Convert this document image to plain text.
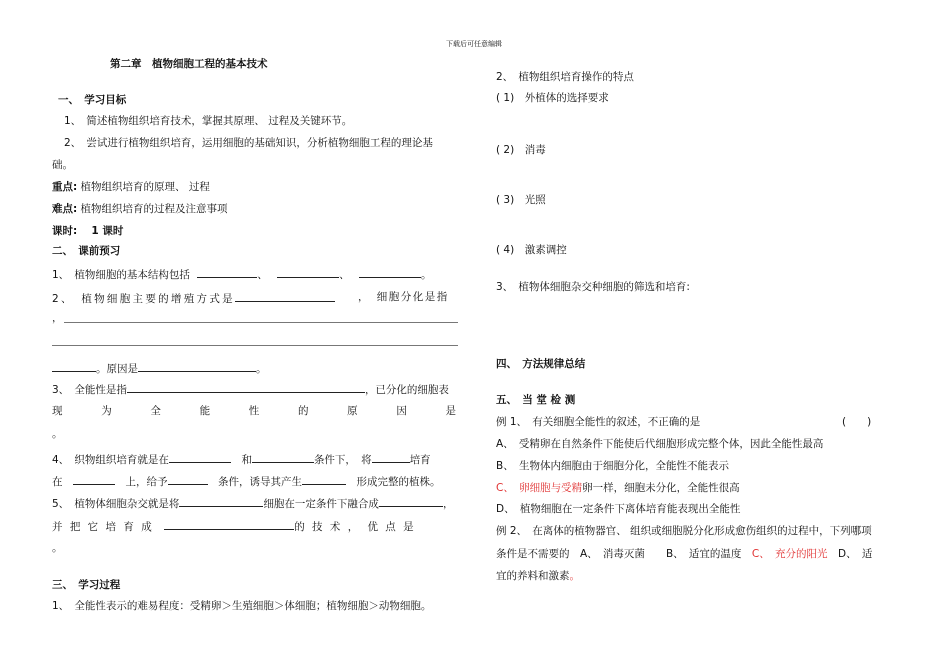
下载后可任意编辑
第二章　植物细胞工程的基本技术
一、　学习目标
1、　简述植物组织培育技术，掌握其原理、 过程及关键环节。
2、　尝试进行植物组织培育，运用细胞的基础知识，分析植物细胞工程的理论基
础。
重点: 植物组织培育的原理、 过程
难点: 植物组织培育的过程及注意事项
课时:　 1 课时
二、　课前预习
1、　植物细胞的基本结构包括	、	、	。
2、　植物细胞主要的增殖方式是	，　细胞分化是指
，
。原因是	。
3、　全能性是指	，已分化的细胞表
现	为	全	能	性	的	原	因	是
。
4、　织物组织培育就是在　	和	条件下，　将	培育
在　　	上，给予　	条件，诱导其产生　	形成完整的植株。
5、　植物体细胞杂交就是将	细胞在一定条件下融合成	，
并 把 它 培 育 成　	的 技 术 ，　优 点 是
。
三、　学习过程
1、　全能性表示的难易程度：受精卵＞生殖细胞＞体细胞；植物细胞＞动物细胞。
2、　植物组织培育操作的特点
( 1)　外植体的选择要求
( 2)　消毒
( 3)　光照
( 4)　激素调控
3、　植物体细胞杂交种细胞的筛选和培育:
四、　方法规律总结
五、　当 堂 检 测
例 1、　有关细胞全能性的叙述，不正确的是	(　　)
A、　受精卵在自然条件下能使后代细胞形成完整个体，因此全能性最高
B、　生物体内细胞由于细胞分化，全能性不能表示
C、　 卵细胞与受精卵一样，细胞未分化，全能性很高
D、　植物细胞在一定条件下离体培育能表现出全能性
例 2、　在离体的植物器官、 组织或细胞脱分化形成愈伤组织的过程中，下列哪项
条件是不需要的　A、　消毒灭菌　　 B、　适宜的温度　 C、　充分的阳光　 D、　适
宜的养料和激素。
